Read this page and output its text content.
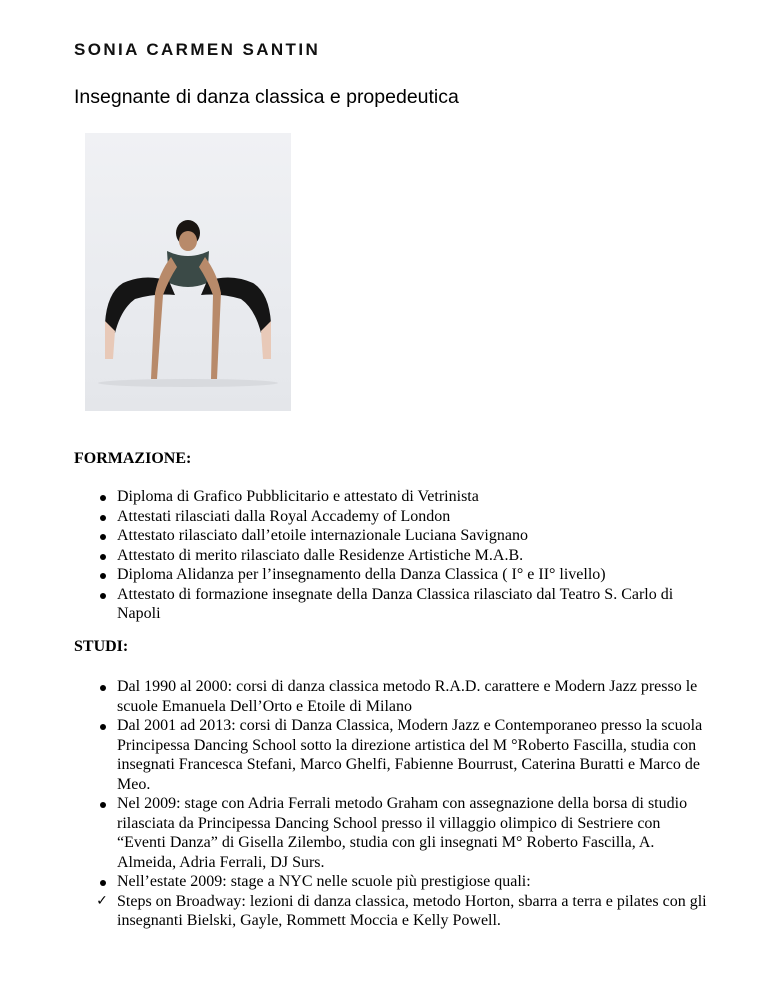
SONIA CARMEN SANTIN
Insegnante di danza classica e propedeutica
FORMAZIONE:
Diploma di Grafico Pubblicitario e attestato di Vetrinista
Attestati rilasciati dalla Royal Accademy of London
Attestato rilasciato dall’etoile internazionale Luciana Savignano
Attestato di merito rilasciato dalle Residenze Artistiche M.A.B.
Diploma Alidanza per l’insegnamento della Danza Classica ( I° e II° livello)
Attestato di formazione insegnate della Danza Classica rilasciato dal Teatro S. Carlo di Napoli
STUDI:
Dal 1990 al 2000: corsi di danza classica metodo R.A.D. carattere e Modern Jazz presso le scuole Emanuela Dell’Orto e Etoile di Milano
Dal 2001 ad 2013: corsi di Danza Classica, Modern Jazz e Contemporaneo presso la scuola Principessa Dancing School sotto la direzione artistica del M °Roberto Fascilla, studia con insegnati Francesca Stefani, Marco Ghelfi, Fabienne Bourrust, Caterina Buratti e Marco de Meo.
Nel 2009: stage con Adria Ferrali metodo Graham con assegnazione della borsa di studio rilasciata da Principessa Dancing School presso il villaggio olimpico di Sestriere con “Eventi Danza” di Gisella Zilembo, studia con gli insegnati M° Roberto Fascilla, A. Almeida, Adria Ferrali, DJ Surs.
Nell’estate 2009: stage a NYC nelle scuole più prestigiose quali:
✓ Steps on Broadway: lezioni di danza classica, metodo Horton, sbarra a terra e pilates con gli insegnanti Bielski, Gayle, Rommett Moccia e Kelly Powell.
